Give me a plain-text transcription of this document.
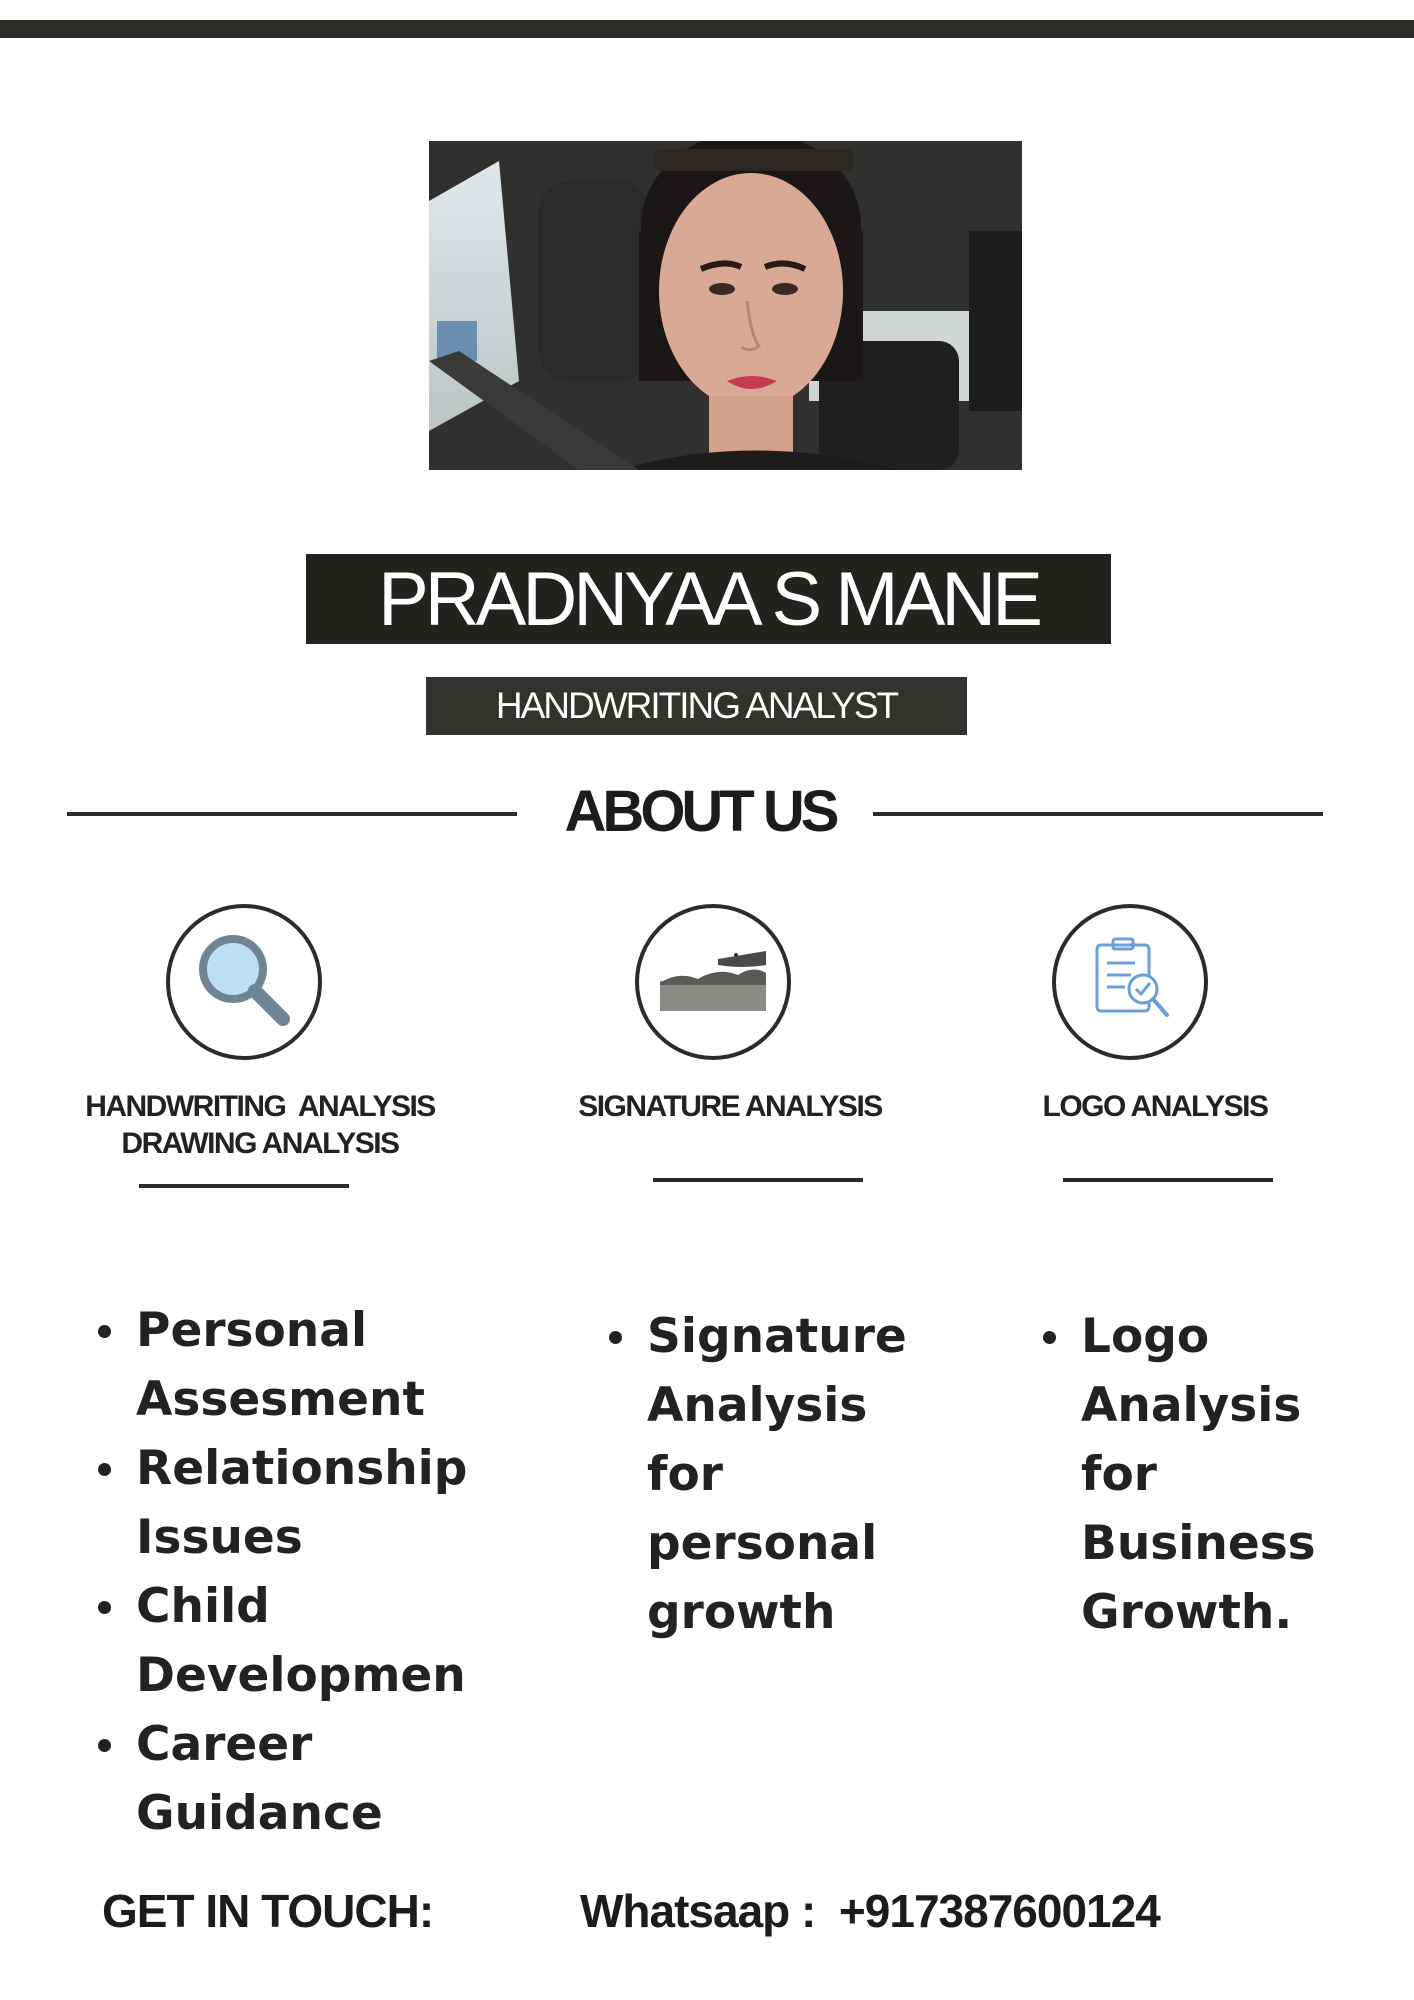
PRADNYAA S MANE
HANDWRITING ANALYST
ABOUT US
HANDWRITING  ANALYSIS
DRAWING ANALYSIS
SIGNATURE ANALYSIS	LOGO ANALYSIS
Personal
Assesment
Relationship
Issues
Child
Developmen
Career
Guidance
Signature
Analysis
for
personal
growth
Logo
Analysis
for
Business
Growth.
GET IN TOUCH:	Whatsaap :  +917387600124
